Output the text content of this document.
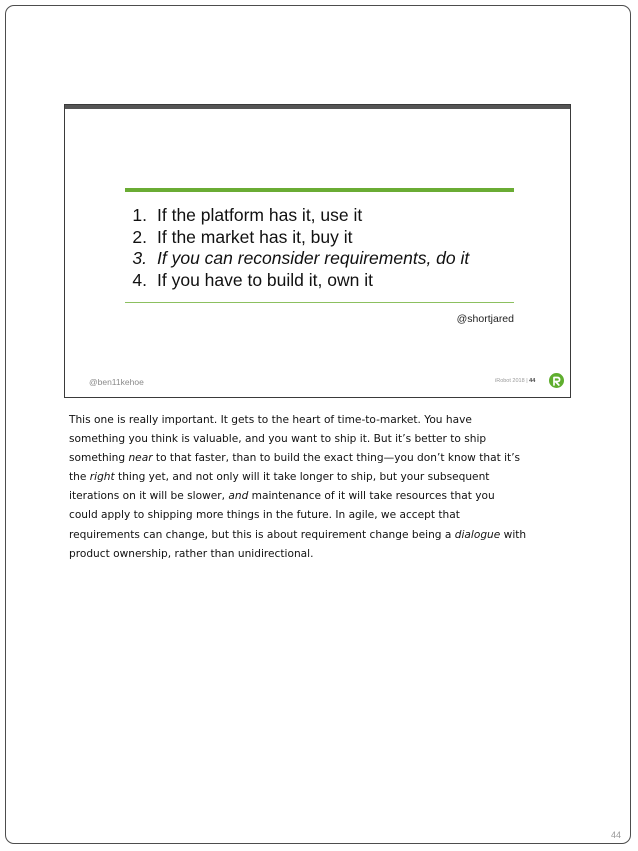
1. If the platform has it, use it
2. If the market has it, buy it
3. If you can reconsider requirements, do it
4. If you have to build it, own it
@shortjared
@ben11kehoe	iRobot 2018 | 44

This one is really important. It gets to the heart of time-to-market. You have

something you think is valuable, and you want to ship it. But it’s better to ship

something near to that faster, than to build the exact thing—you don’t know that it’s

the right thing yet, and not only will it take longer to ship, but your subsequent

iterations on it will be slower, and maintenance of it will take resources that you

could apply to shipping more things in the future. In agile, we accept that

requirements can change, but this is about requirement change being a dialogue with

product ownership, rather than unidirectional.

44
